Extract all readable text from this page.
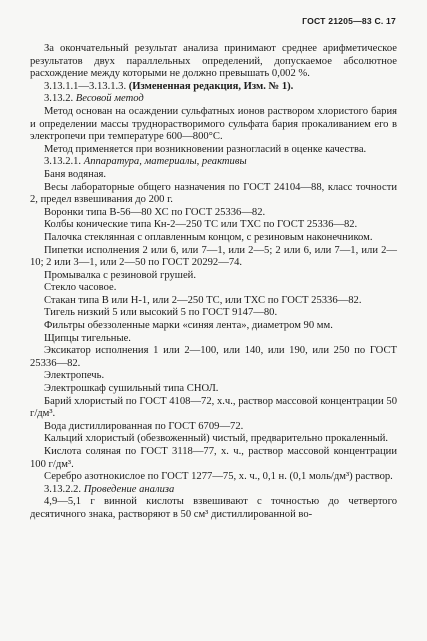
ГОСТ 21205—83 С. 17

За окончательный результат анализа принимают среднее арифметическое результатов двух параллельных определений, допускаемое абсолютное расхождение между которыми не должно превышать 0,002 %.

3.13.1.1—3.13.1.3. (Измененная редакция, Изм. № 1).

3.13.2. Весовой метод

Метод основан на осаждении сульфатных ионов раствором хлористого бария и определении массы труднорастворимого сульфата бария прокаливанием его в электропечи при температуре 600—800°С.

Метод применяется при возникновении разногласий в оценке качества.

3.13.2.1. Аппаратура, материалы, реактивы

Баня водяная.

Весы лабораторные общего назначения по ГОСТ 24104—88, класс точности 2, предел взвешивания до 200 г.

Воронки типа В-56—80 ХС по ГОСТ 25336—82.

Колбы конические типа Кн-2—250 ТС или ТХС по ГОСТ 25336—82.

Палочка стеклянная с оплавленным концом, с резиновым наконечником.

Пипетки исполнения 2 или 6, или 7—1, или 2—5; 2 или 6, или 7—1, или 2—10; 2 или 3—1, или 2—50 по ГОСТ 20292—74.

Промывалка с резиновой грушей.

Стекло часовое.

Стакан типа В или Н-1, или 2—250 ТС, или ТХС по ГОСТ 25336—82.

Тигель низкий 5 или высокий 5 по ГОСТ 9147—80.

Фильтры обеззоленные марки «синяя лента», диаметром 90 мм.

Щипцы тигельные.

Эксикатор исполнения 1 или 2—100, или 140, или 190, или 250 по ГОСТ 25336—82.

Электропечь.

Электрошкаф сушильный типа СНОЛ.

Барий хлористый по ГОСТ 4108—72, х.ч., раствор массовой концентрации 50 г/дм³.

Вода дистиллированная по ГОСТ 6709—72.

Кальций хлористый (обезвоженный) чистый, предварительно прокаленный.

Кислота соляная по ГОСТ 3118—77, х. ч., раствор массовой концентрации 100 г/дм³.

Серебро азотнокислое по ГОСТ 1277—75, х. ч., 0,1 н. (0,1 моль/дм³) раствор.

3.13.2.2. Проведение анализа

4,9—5,1 г винной кислоты взвешивают с точностью до четвертого десятичного знака, растворяют в 50 см³ дистиллированной во-
